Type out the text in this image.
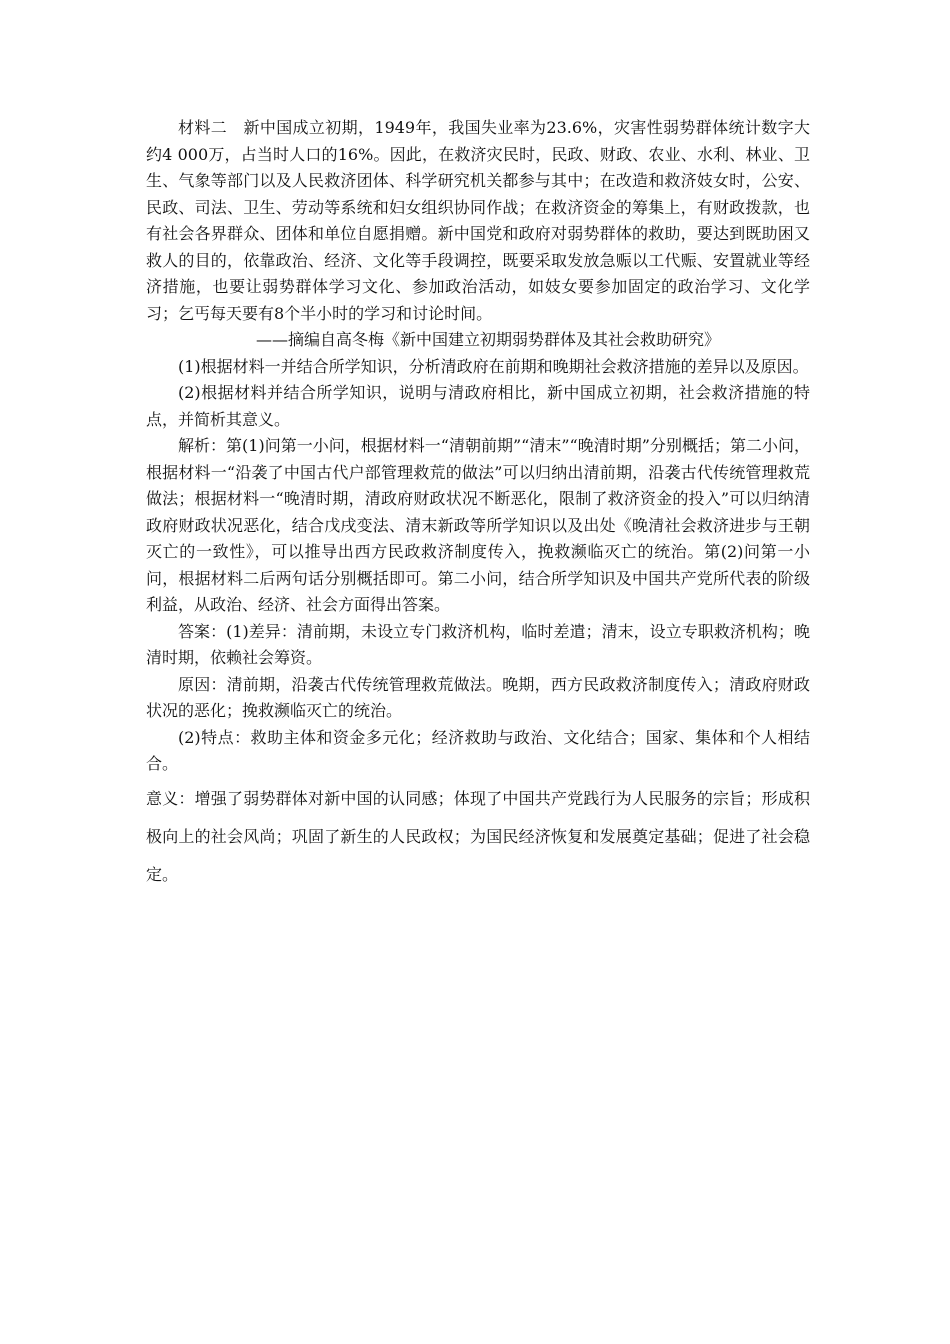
材料二　新中国成立初期，1949年，我国失业率为23.6%，灾害性弱势群体统计数字大约4 000万，占当时人口的16%。因此，在救济灾民时，民政、财政、农业、水利、林业、卫生、气象等部门以及人民救济团体、科学研究机关都参与其中；在改造和救济妓女时，公安、民政、司法、卫生、劳动等系统和妇女组织协同作战；在救济资金的筹集上，有财政拨款，也有社会各界群众、团体和单位自愿捐赠。新中国党和政府对弱势群体的救助，要达到既助困又救人的目的，依靠政治、经济、文化等手段调控，既要采取发放急赈以工代赈、安置就业等经济措施，也要让弱势群体学习文化、参加政治活动，如妓女要参加固定的政治学习、文化学习；乞丐每天要有8个半小时的学习和讨论时间。

——摘编自高冬梅《新中国建立初期弱势群体及其社会救助研究》

(1)根据材料一并结合所学知识，分析清政府在前期和晚期社会救济措施的差异以及原因。

(2)根据材料并结合所学知识，说明与清政府相比，新中国成立初期，社会救济措施的特点，并简析其意义。

解析：第(1)问第一小问，根据材料一“清朝前期”“清末”“晚清时期”分别概括；第二小问，根据材料一“沿袭了中国古代户部管理救荒的做法”可以归纳出清前期，沿袭古代传统管理救荒做法；根据材料一“晚清时期，清政府财政状况不断恶化，限制了救济资金的投入”可以归纳清政府财政状况恶化，结合戊戌变法、清末新政等所学知识以及出处《晚清社会救济进步与王朝灭亡的一致性》，可以推导出西方民政救济制度传入，挽救濒临灭亡的统治。第(2)问第一小问，根据材料二后两句话分别概括即可。第二小问，结合所学知识及中国共产党所代表的阶级利益，从政治、经济、社会方面得出答案。

答案：(1)差异：清前期，未设立专门救济机构，临时差遣；清末，设立专职救济机构；晚清时期，依赖社会筹资。

原因：清前期，沿袭古代传统管理救荒做法。晚期，西方民政救济制度传入；清政府财政状况的恶化；挽救濒临灭亡的统治。

(2)特点：救助主体和资金多元化；经济救助与政治、文化结合；国家、集体和个人相结合。

意义：增强了弱势群体对新中国的认同感；体现了中国共产党践行为人民服务的宗旨；形成积极向上的社会风尚；巩固了新生的人民政权；为国民经济恢复和发展奠定基础；促进了社会稳定。
